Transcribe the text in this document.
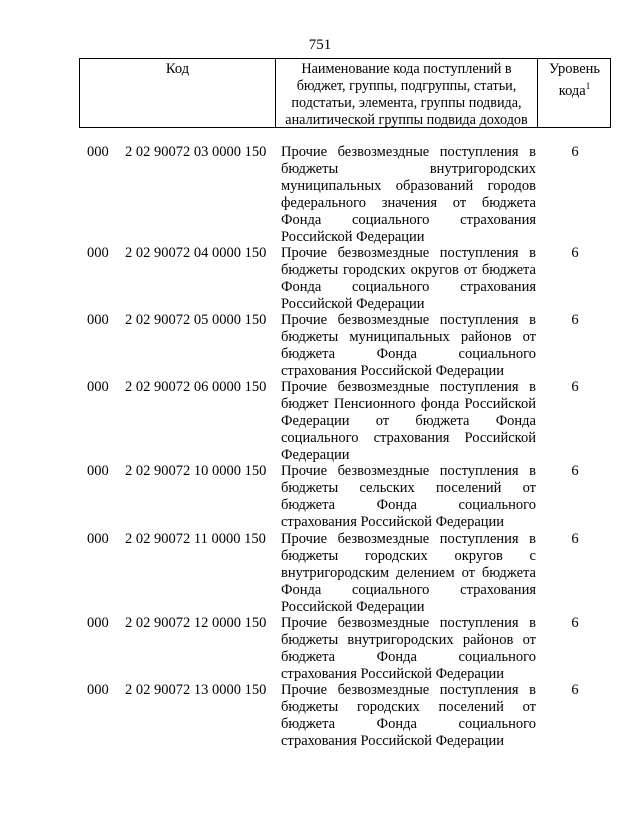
751
Код	Наименование кода поступлений в бюджет, группы, подгруппы, статьи, подстатьи, элемента, группы подвида, аналитической группы подвида доходов
Уровень кода$^1$
000 2 02 90072 03 0000 150 Прочие безвозмездные поступления в бюджеты внутригородских муниципальных образований городов федерального значения от бюджета Фонда социального страхования Российской Федерации
6
000 2 02 90072 04 0000 150 Прочие безвозмездные поступления в бюджеты городских округов от бюджета Фонда социального страхования Российской Федерации
6
000 2 02 90072 05 0000 150 Прочие безвозмездные поступления в бюджеты муниципальных районов от бюджета Фонда социального страхования Российской Федерации
6
000 2 02 90072 06 0000 150 Прочие безвозмездные поступления в бюджет Пенсионного фонда Российской Федерации от бюджета Фонда социального страхования Российской Федерации
6
000 2 02 90072 10 0000 150 Прочие безвозмездные поступления в бюджеты сельских поселений от бюджета Фонда социального страхования Российской Федерации
6
000 2 02 90072 11 0000 150 Прочие безвозмездные поступления в бюджеты городских округов с внутригородским делением от бюджета Фонда социального страхования Российской Федерации
6
000 2 02 90072 12 0000 150 Прочие безвозмездные поступления в бюджеты внутригородских районов от бюджета Фонда социального страхования Российской Федерации
6
000 2 02 90072 13 0000 150 Прочие безвозмездные поступления в бюджеты городских поселений от бюджета Фонда социального страхования Российской Федерации
6
